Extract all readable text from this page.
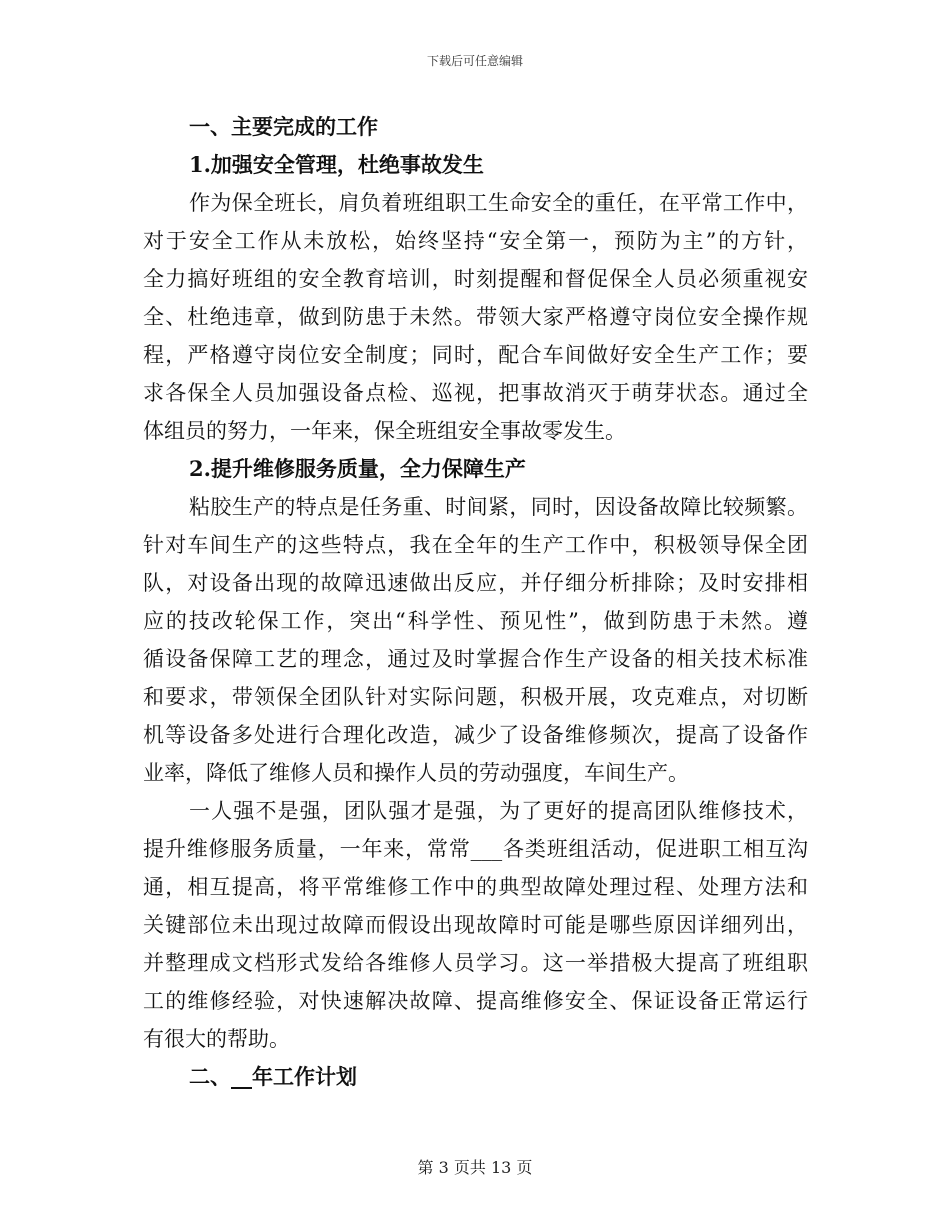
下载后可任意编辑
一、主要完成的工作
1.加强安全管理，杜绝事故发生
作为保全班长，肩负着班组职工生命安全的重任，在平常工作中，
对于安全工作从未放松，始终坚持“安全第一，预防为主”的方针，
全力搞好班组的安全教育培训，时刻提醒和督促保全人员必须重视安
全、杜绝违章，做到防患于未然。带领大家严格遵守岗位安全操作规
程，严格遵守岗位安全制度；同时，配合车间做好安全生产工作；要
求各保全人员加强设备点检、巡视，把事故消灭于萌芽状态。通过全
体组员的努力，一年来，保全班组安全事故零发生。
2.提升维修服务质量，全力保障生产
粘胶生产的特点是任务重、时间紧，同时，因设备故障比较频繁。
针对车间生产的这些特点，我在全年的生产工作中，积极领导保全团
队，对设备出现的故障迅速做出反应，并仔细分析排除；及时安排相
应的技改轮保工作，突出“科学性、预见性”，做到防患于未然。遵
循设备保障工艺的理念，通过及时掌握合作生产设备的相关技术标准
和要求，带领保全团队针对实际问题，积极开展，攻克难点，对切断
机等设备多处进行合理化改造，减少了设备维修频次，提高了设备作
业率，降低了维修人员和操作人员的劳动强度，车间生产。
一人强不是强，团队强才是强，为了更好的提高团队维修技术，
提升维修服务质量，一年来，常常___各类班组活动，促进职工相互沟
通，相互提高，将平常维修工作中的典型故障处理过程、处理方法和
关键部位未出现过故障而假设出现故障时可能是哪些原因详细列出，
并整理成文档形式发给各维修人员学习。这一举措极大提高了班组职
工的维修经验，对快速解决故障、提高维修安全、保证设备正常运行
有很大的帮助。
二、__年工作计划
第 3 页共 13 页
